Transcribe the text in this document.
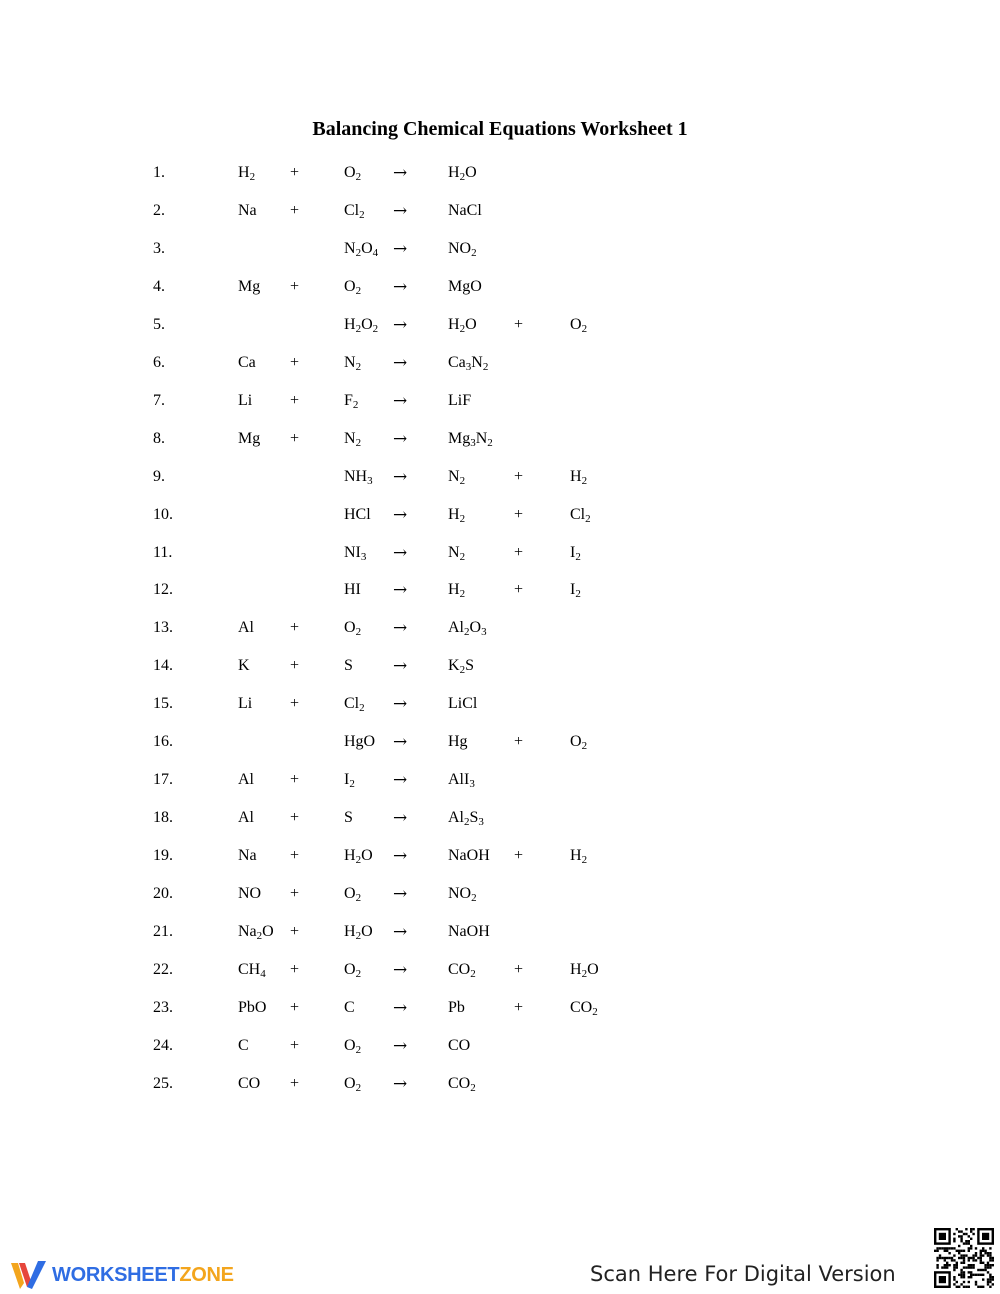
Balancing Chemical Equations Worksheet 1
1.	$H_2$ +	$O_2$ →	$H_2O$
2.	Na +	$Cl_2$ →	NaCl
3.	$N_2O_4$ →	$NO_2$
4.	Mg +	$O_2$ →	MgO
5.	$H_2O_2$ →	$H_2O$ +	$O_2$
6.	Ca +	$N_2$ →	$Ca_3N_2$
7.	Li +	$F_2$ →	LiF
8.	Mg +	$N_2$ →	$Mg_3N_2$
9.	$NH_3$ →	$N_2$	+	$H_2$
10.	HCl →	$H_2$	+	$Cl_2$
11.	$NI_3$ →	$N_2$	+	$I_2$
12.	HI →	$H_2$	+	$I_2$
13.	Al +	$O_2$ →	$Al_2O_3$
14.	K	+	S →	$K_2S$
15.	Li +	$Cl_2$ →	LiCl
16.	HgO →	Hg	+	$O_2$
17.	Al +	$I_2$ →	AlI$_3$
18.	Al +	S →	$Al_2S_3$
19.	Na +	$H_2O$ →	NaOH +	$H_2$
20.	NO +	$O_2$ →	$NO_2$
21.	$Na_2O$ +	$H_2O$ →	NaOH
22.	$CH_4$ +	$O_2$ →	$CO_2$ +	$H_2O$
23.	PbO +	C →	Pb	+	$CO_2$
24.	C	+	$O_2$ →	CO
25.	CO +	$O_2$ →	$CO_2$
WORKSHEETZONE	Scan Here For Digital Version
